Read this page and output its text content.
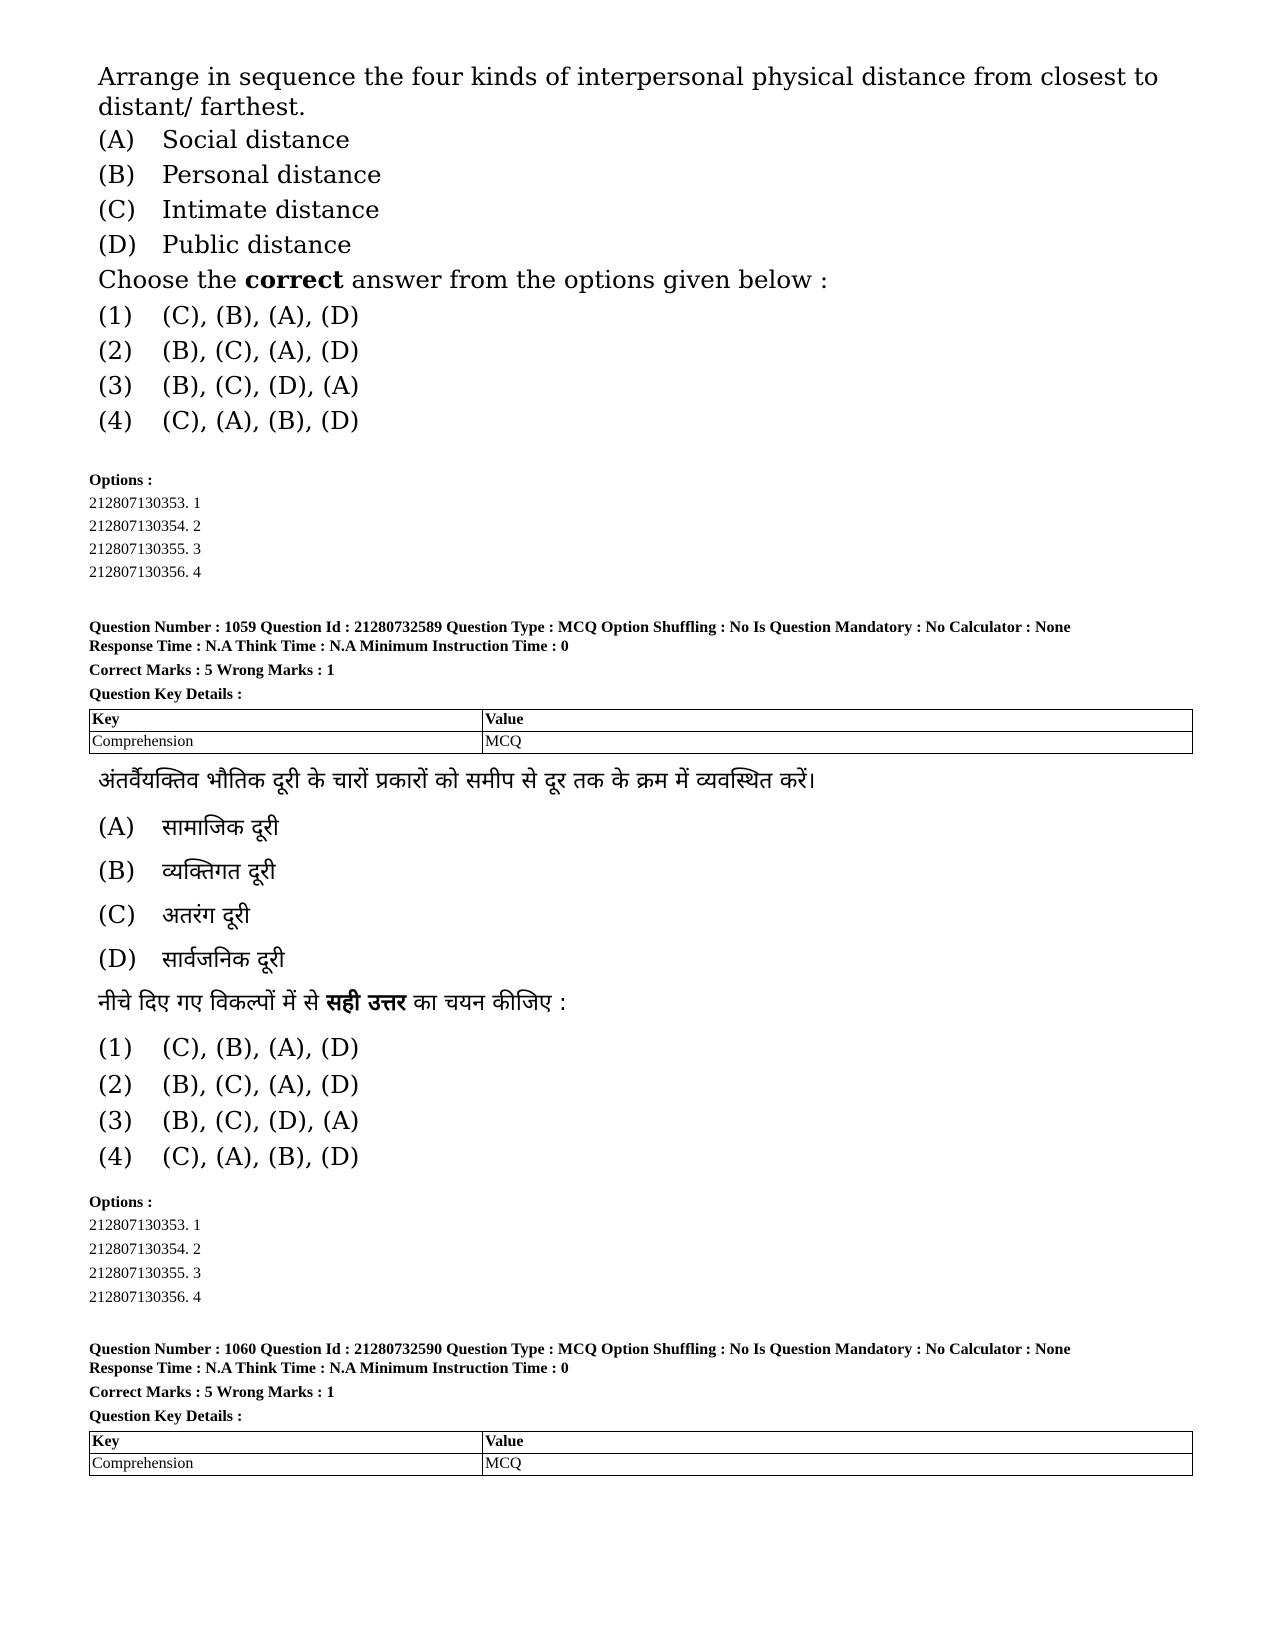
Arrange in sequence the four kinds of interpersonal physical distance from closest to distant/ farthest.
(A) Social distance
(B) Personal distance
(C) Intimate distance
(D) Public distance
Choose the correct answer from the options given below :
(1) (C), (B), (A), (D)
(2) (B), (C), (A), (D)
(3) (B), (C), (D), (A)
(4) (C), (A), (B), (D)
Options :
212807130353. 1
212807130354. 2
212807130355. 3
212807130356. 4
Question Number : 1059 Question Id : 21280732589 Question Type : MCQ Option Shuffling : No Is Question Mandatory : No Calculator : None
Response Time : N.A Think Time : N.A Minimum Instruction Time : 0
Correct Marks : 5 Wrong Marks : 1
Question Key Details :
Key	Value
Comprehension	MCQ
अंतर्वैयक्तिव भौतिक दूरी के चारों प्रकारों को समीप से दूर तक के क्रम में व्यवस्थित करें।
(A) सामाजिक दूरी
(B) व्यक्तिगत दूरी
(C) अतरंग दूरी
(D) सार्वजनिक दूरी
नीचे दिए गए विकल्पों में से सही उत्तर का चयन कीजिए :
(1) (C), (B), (A), (D)
(2) (B), (C), (A), (D)
(3) (B), (C), (D), (A)
(4) (C), (A), (B), (D)
Options :
212807130353. 1
212807130354. 2
212807130355. 3
212807130356. 4
Question Number : 1060 Question Id : 21280732590 Question Type : MCQ Option Shuffling : No Is Question Mandatory : No Calculator : None
Response Time : N.A Think Time : N.A Minimum Instruction Time : 0
Correct Marks : 5 Wrong Marks : 1
Question Key Details :
Key	Value
Comprehension	MCQ
